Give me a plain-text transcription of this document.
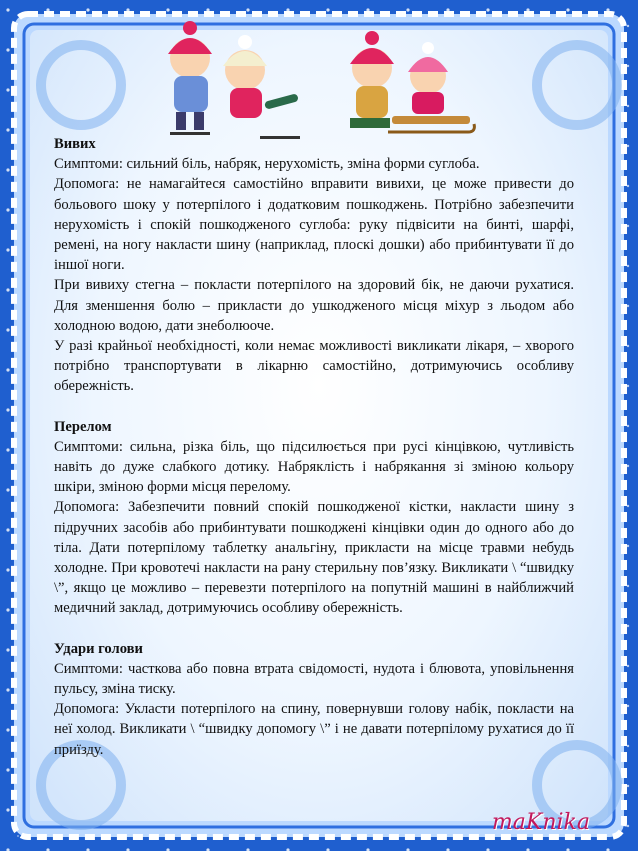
Вивих

Симптоми: сильний біль, набряк, нерухомість, зміна форми суглоба.

Допомога: не намагайтеся самостійно вправити вивихи, це може привести до больового шоку у потерпілого і додатковим пошкоджень. Потрібно забезпечити нерухомість і спокій пошкодженого суглоба: руку підвісити на бинті, шарфі, ремені, на ногу накласти шину (наприклад, плоскі дошки) або прибинтувати її до іншої ноги.

При вивиху стегна – покласти потерпілого на здоровий бік, не даючи рухатися. Для зменшення болю – прикласти до ушкодженого місця міхур з льодом або холодною водою, дати знеболюоче.

У разі крайньої необхідності, коли немає можливості викликати лікаря, – хворого потрібно транспортувати в лікарню самостійно, дотримуючись особливу обережність.

Перелом

Симптоми: сильна, різка біль, що підсилюється при русі кінцівкою, чутливість навіть до дуже слабкого дотику. Набряклість і набрякання зі зміною кольору шкіри, зміною форми місця перелому.

Допомога: Забезпечити повний спокій пошкодженої кістки, накласти шину з підручних засобів або прибинтувати пошкоджені кінцівки один до одного або до тіла. Дати потерпілому таблетку анальгіну, прикласти на місце травми небудь холодне. При кровотечі накласти на рану стерильну пов’язку. Викликати \ “швидку \”, якщо це можливо – перевезти потерпілого на попутній машині в найближчий медичний заклад, дотримуючись особливу обережність.

Удари голови

Симптоми: часткова або повна втрата свідомості, нудота і блювота, уповільнення пульсу, зміна тиску.

Допомога: Укласти потерпілого на спину, повернувши голову набік, покласти на неї холод. Викликати \ “швидку допомогу \” і не давати потерпілому рухатися до її приїзду.

maKnika
